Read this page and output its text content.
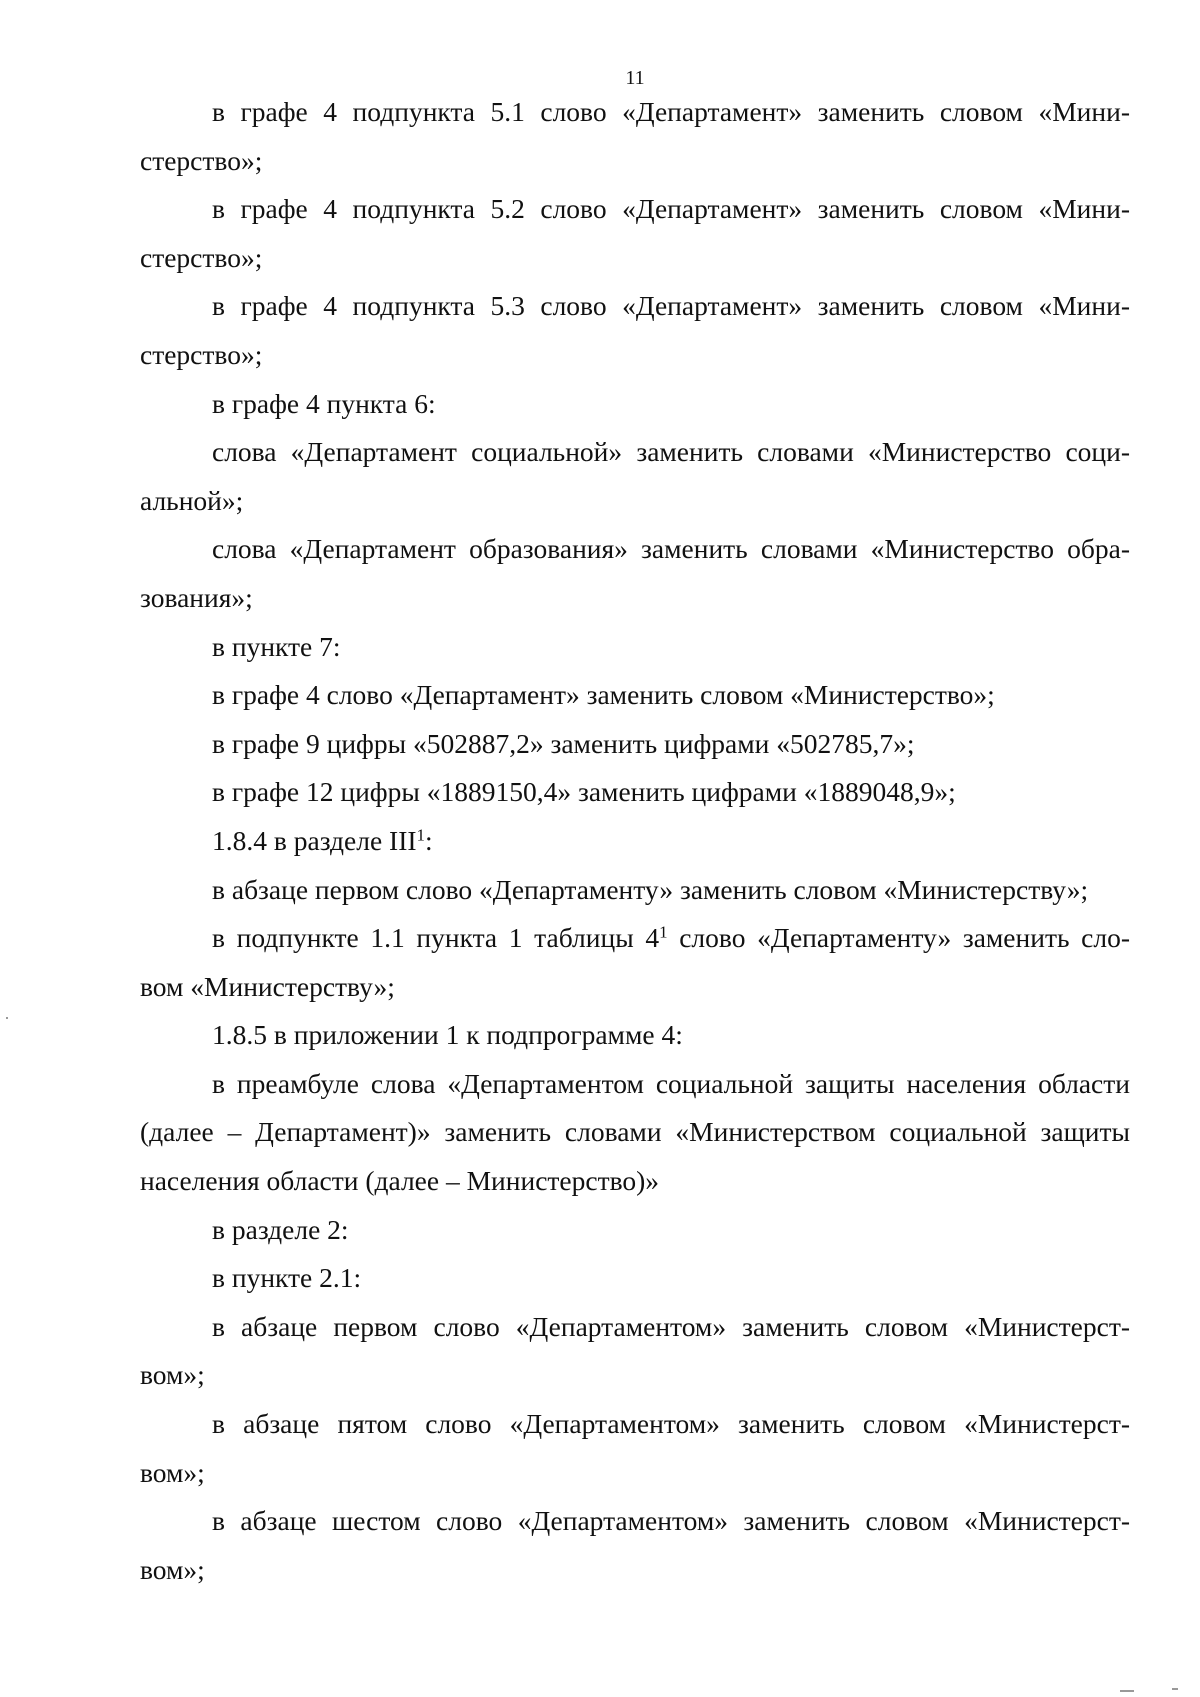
11
в графе 4 подпункта 5.1 слово «Департамент» заменить словом «Мини-
стерство»;
в графе 4 подпункта 5.2 слово «Департамент» заменить словом «Мини-
стерство»;
в графе 4 подпункта 5.3 слово «Департамент» заменить словом «Мини-
стерство»;
в графе 4 пункта 6:
слова «Департамент социальной» заменить словами «Министерство соци-
альной»;
слова «Департамент образования» заменить словами «Министерство обра-
зования»;
в пункте 7:
в графе 4 слово «Департамент» заменить словом «Министерство»;
в графе 9 цифры «502887,2» заменить цифрами «502785,7»;
в графе 12 цифры «1889150,4» заменить цифрами «1889048,9»;
1.8.4 в разделе III$^1$:
в абзаце первом слово «Департаменту» заменить словом «Министерству»;
в подпункте 1.1 пункта 1 таблицы $4^1$ слово «Департаменту» заменить сло-
вом «Министерству»;
1.8.5 в приложении 1 к подпрограмме 4:
в преамбуле слова «Департаментом социальной защиты населения области
(далее – Департамент)» заменить словами «Министерством социальной защиты
населения области (далее – Министерство)»
в разделе 2:
в пункте 2.1:
в абзаце первом слово «Департаментом» заменить словом «Министерст-
вом»;
в абзаце пятом слово «Департаментом» заменить словом «Министерст-
вом»;
в абзаце шестом слово «Департаментом» заменить словом «Министерст-
вом»;
